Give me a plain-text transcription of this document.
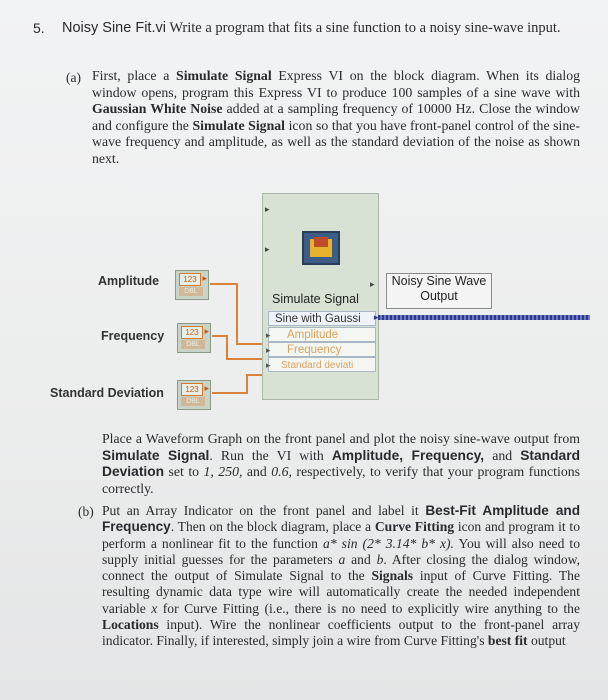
5. Noisy Sine Fit.vi Write a program that fits a sine function to a noisy sine-wave input.
(a) First, place a Simulate Signal Express VI on the block diagram. When its dialog window opens, program this Express VI to produce 100 samples of a sine wave with Gaussian White Noise added at a sampling frequency of 10000 Hz. Close the window and configure the Simulate Signal icon so that you have front-panel control of the sine-wave frequency and amplitude, as well as the standard deviation of the noise as shown next.
▸
▸
▸
Simulate Signal
Sine with Gaussi
▸ Amplitude
▸ Frequency
▸ Standard deviati
▸
Noisy Sine Wave Output
Amplitude	123 ▸
DBL
Frequency	123 ▸
DBL
Standard Deviation	123 ▸
DBL
Place a Waveform Graph on the front panel and plot the noisy sine-wave output from Simulate Signal. Run the VI with Amplitude, Frequency, and Standard Deviation set to 1, 250, and 0.6, respectively, to verify that your program functions correctly.
(b) Put an Array Indicator on the front panel and label it Best-Fit Amplitude and Frequency. Then on the block diagram, place a Curve Fitting icon and program it to perform a nonlinear fit to the function a* sin (2* 3.14* b* x). You will also need to supply initial guesses for the parameters a and b. After closing the dialog window, connect the output of Simulate Signal to the Signals input of Curve Fitting. The resulting dynamic data type wire will automatically create the needed independent variable x for Curve Fitting (i.e., there is no need to explicitly wire anything to the Locations input). Wire the nonlinear coefficients output to the front-panel array indicator. Finally, if interested, simply join a wire from Curve Fitting's best fit output
